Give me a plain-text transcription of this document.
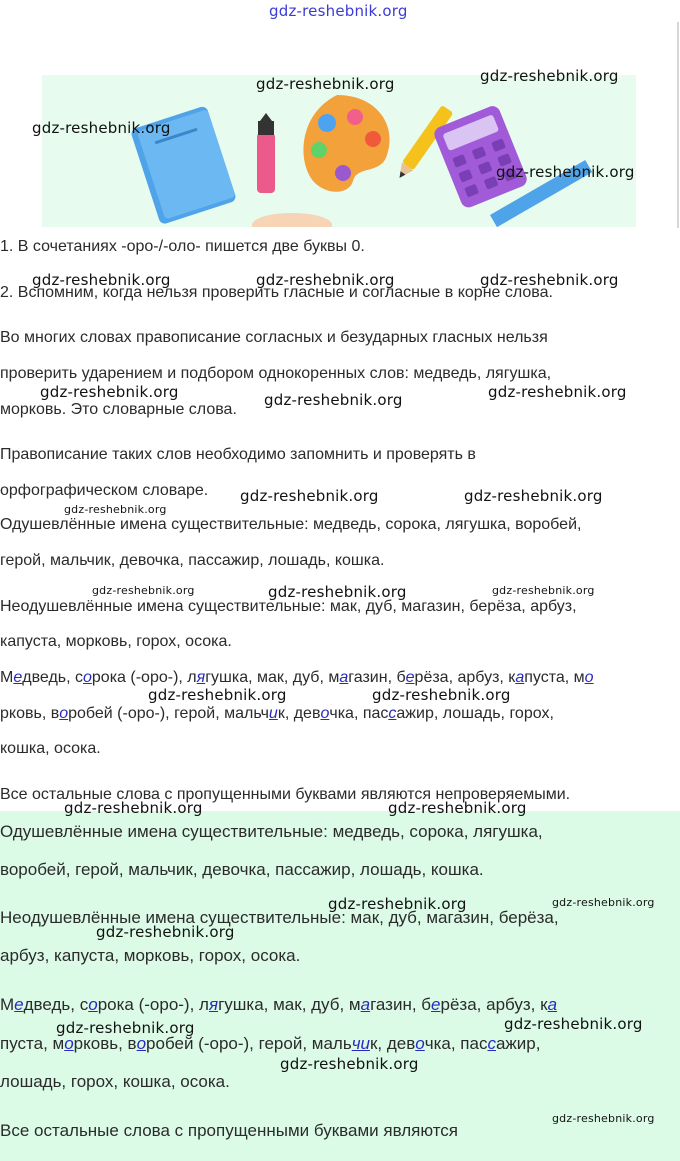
gdz-reshebnik.org
1. В сочетаниях -оро-/-оло- пишется две буквы 0.
2. Вспомним, когда нельзя проверить гласные и согласные в корне слова.
Во многих словах правописание согласных и безударных гласных нельзя
проверить ударением и подбором однокоренных слов: медведь, лягушка,
морковь. Это словарные слова.
Правописание таких слов необходимо запомнить и проверять в
орфографическом словаре.
Одушевлённые имена существительные: медведь, сорока, лягушка, воробей,
герой, мальчик, девочка, пассажир, лошадь, кошка.
Неодушевлённые имена существительные: мак, дуб, магазин, берёза, арбуз,
капуста, морковь, горох, осока.
Медведь, сорока (-оро-), лягушка, мак, дуб, магазин, берёза, арбуз, капуста, мо
рковь, воробей (-оро-), герой, мальчик, девочка, пассажир, лошадь, горох,
кошка, осока.
Все остальные слова с пропущенными буквами являются непроверяемыми.
Одушевлённые имена существительные: медведь, сорока, лягушка,
воробей, герой, мальчик, девочка, пассажир, лошадь, кошка.
Неодушевлённые имена существительные: мак, дуб, магазин, берёза,
арбуз, капуста, морковь, горох, осока.
Медведь, сорока (-оро-), лягушка, мак, дуб, магазин, берёза, арбуз, ка
пуста, морковь, воробей (-оро-), герой, мальчик, девочка, пассажир,
лошадь, горох, кошка, осока.
Все остальные слова с пропущенными буквами являются
gdz-reshebnik.org	gdz-reshebnik.org
gdz-reshebnik.org
gdz-reshebnik.org
gdz-reshebnik.org	gdz-reshebnik.org	gdz-reshebnik.org
gdz-reshebnik.org	gdz-reshebnik.org	gdz-reshebnik.org
gdz-reshebnik.org	gdz-reshebnik.org
gdz-reshebnik.org
gdz-reshebnik.org	gdz-reshebnik.org	gdz-reshebnik.org
gdz-reshebnik.org	gdz-reshebnik.org
gdz-reshebnik.org	gdz-reshebnik.org
gdz-reshebnik.org	gdz-reshebnik.org
gdz-reshebnik.org
gdz-reshebnik.org	gdz-reshebnik.org
gdz-reshebnik.org
gdz-reshebnik.org
